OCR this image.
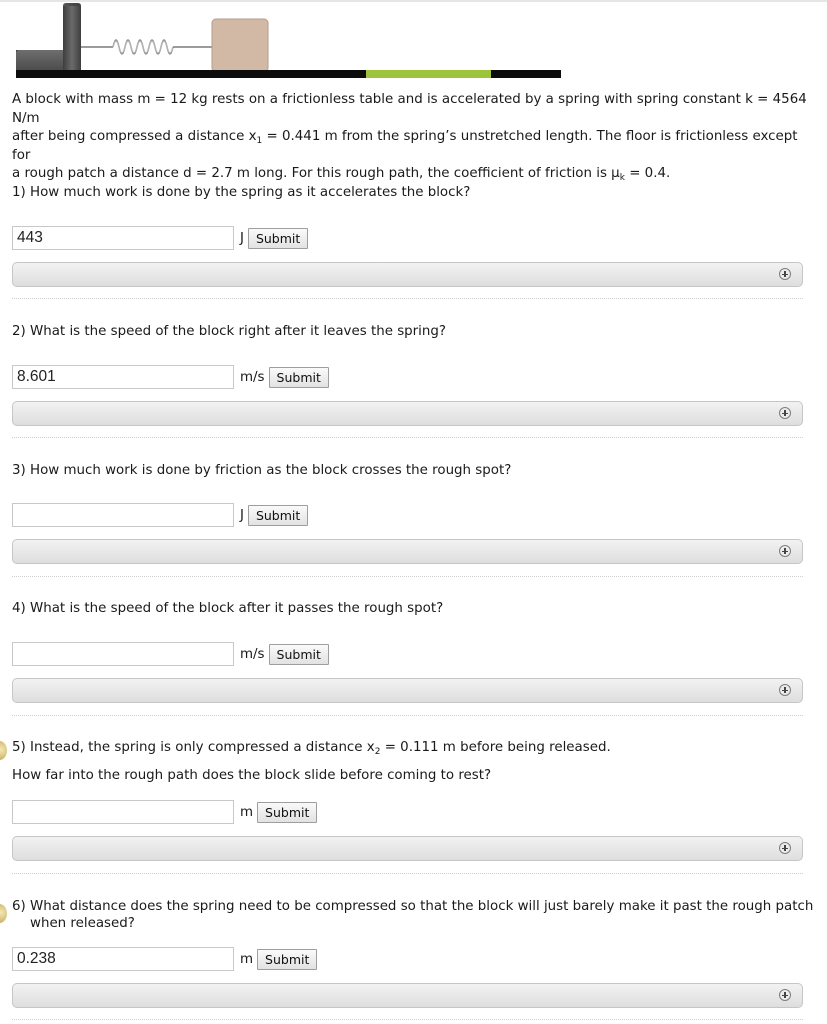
A block with mass m = 12 kg rests on a frictionless table and is accelerated by a spring with spring constant k = 4564 N/m
after being compressed a distance $x_1 = 0.441$ m from the spring’s unstretched length. The floor is frictionless except for
a rough patch a distance d = 2.7 m long. For this rough path, the coefficient of friction is $\mu_k = 0.4$.
1) How much work is done by the spring as it accelerates the block?
443	J Submit
2) What is the speed of the block right after it leaves the spring?
8.601	m/s Submit
3) How much work is done by friction as the block crosses the rough spot?
J Submit
4) What is the speed of the block after it passes the rough spot?
m/s Submit
5) Instead, the spring is only compressed a distance $x_2 = 0.111$ m before being released.
How far into the rough path does the block slide before coming to rest?
m Submit
6) What distance does the spring need to be compressed so that the block will just barely make it past the rough patch when released?
0.238	m Submit
